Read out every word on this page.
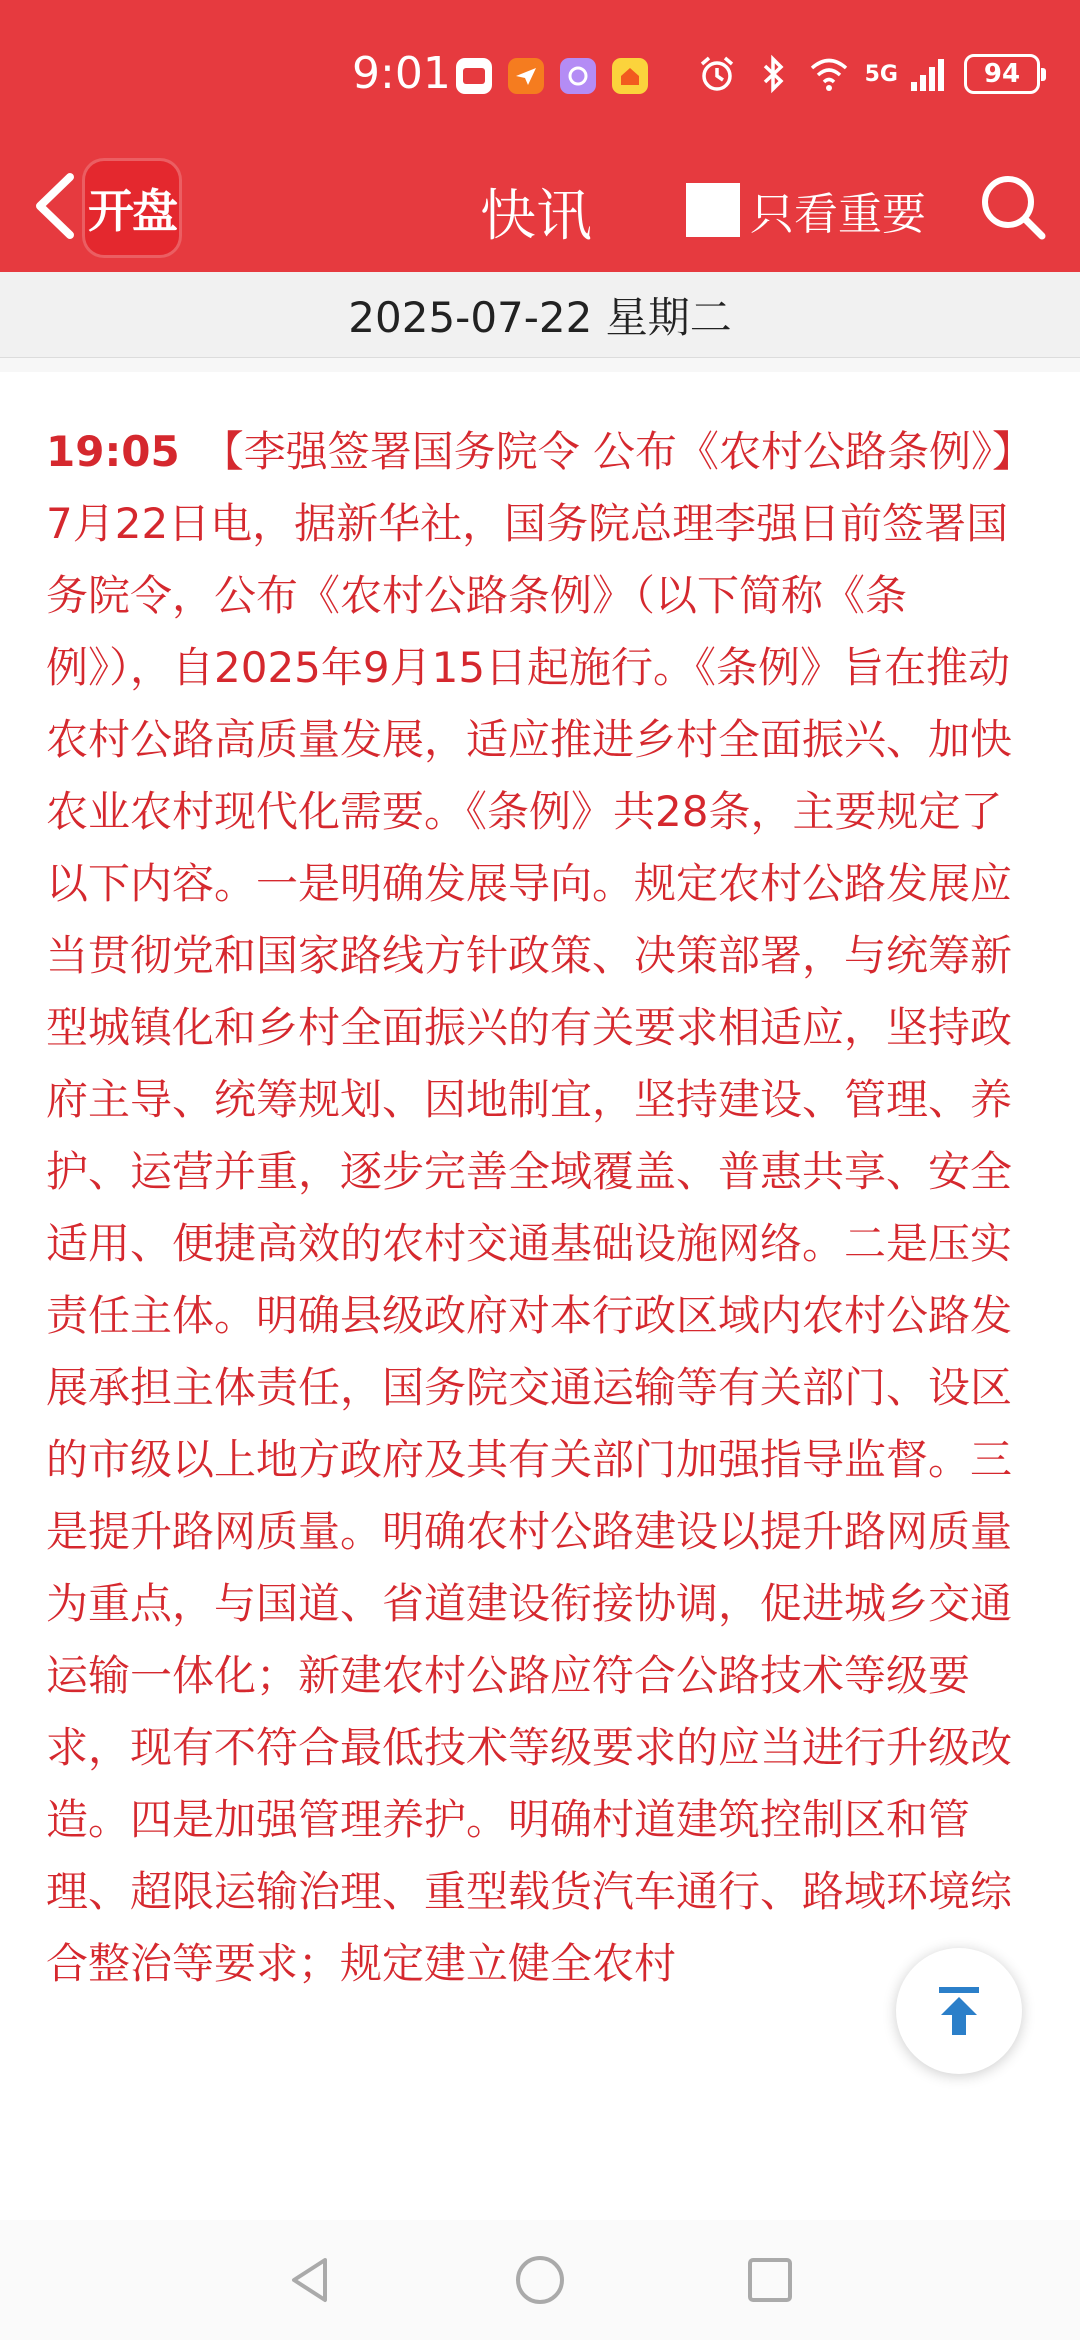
9:01	5G	94
开盘	快讯	只看重要
2025-07-22 星期二
19:05 【李强签署国务院令 公布《农村公路条例》】7月22日电，据新华社，国务院总理李强日前签署国务院令，公布《农村公路条例》（以下简称《条例》），自2025年9月15日起施行。《条例》旨在推动农村公路高质量发展，适应推进乡村全面振兴、加快农业农村现代化需要。《条例》共28条，主要规定了以下内容。一是明确发展导向。规定农村公路发展应当贯彻党和国家路线方针政策、决策部署，与统筹新型城镇化和乡村全面振兴的有关要求相适应，坚持政府主导、统筹规划、因地制宜，坚持建设、管理、养护、运营并重，逐步完善全域覆盖、普惠共享、安全适用、便捷高效的农村交通基础设施网络。二是压实责任主体。明确县级政府对本行政区域内农村公路发展承担主体责任，国务院交通运输等有关部门、设区的市级以上地方政府及其有关部门加强指导监督。三是提升路网质量。明确农村公路建设以提升路网质量为重点，与国道、省道建设衔接协调，促进城乡交通运输一体化；新建农村公路应符合公路技术等级要求，现有不符合最低技术等级要求的应当进行升级改造。四是加强管理养护。明确村道建筑控制区和管理、超限运输治理、重型载货汽车通行、路域环境综合整治等要求；规定建立健全农村
